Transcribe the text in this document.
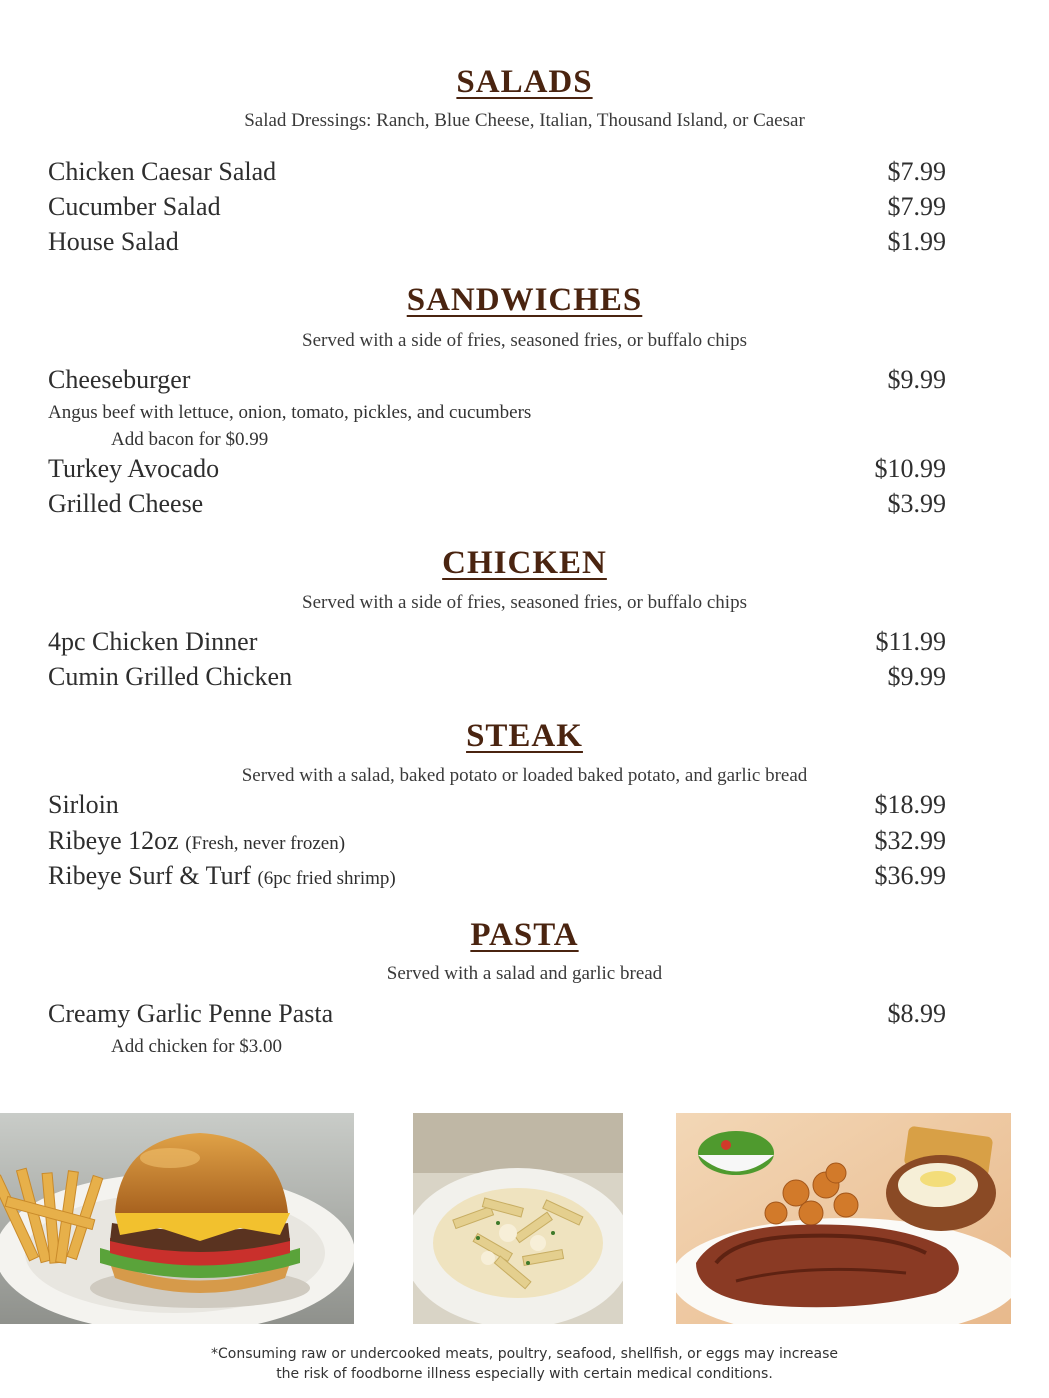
SALADS
Salad Dressings: Ranch, Blue Cheese, Italian, Thousand Island, or Caesar
Chicken Caesar Salad	$7.99
Cucumber Salad	$7.99
House Salad	$1.99
SANDWICHES
Served with a side of fries, seasoned fries, or buffalo chips
Cheeseburger	$9.99
Angus beef with lettuce, onion, tomato, pickles, and cucumbers
Add bacon for $0.99
Turkey Avocado	$10.99
Grilled Cheese	$3.99
CHICKEN
Served with a side of fries, seasoned fries, or buffalo chips
4pc Chicken Dinner	$11.99
Cumin Grilled Chicken	$9.99
STEAK
Served with a salad, baked potato or loaded baked potato, and garlic bread
Sirloin	$18.99
Ribeye 12oz (Fresh, never frozen)	$32.99
Ribeye Surf & Turf (6pc fried shrimp)	$36.99
PASTA
Served with a salad and garlic bread
Creamy Garlic Penne Pasta	$8.99
Add chicken for $3.00
*Consuming raw or undercooked meats, poultry, seafood, shellfish, or eggs may increase
the risk of foodborne illness especially with certain medical conditions.
